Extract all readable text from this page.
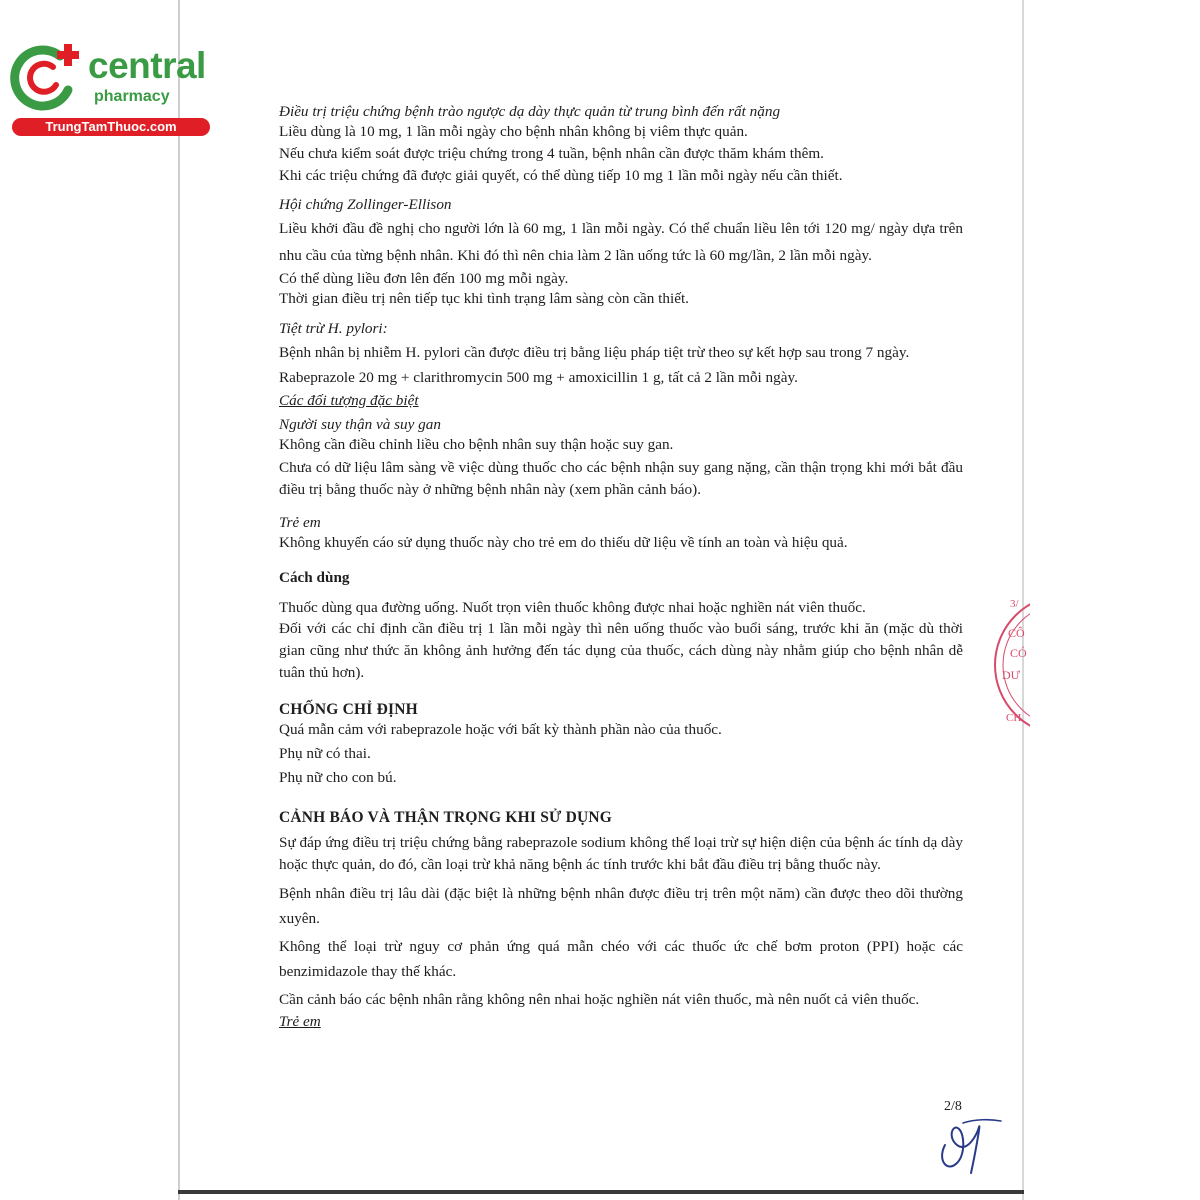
central

pharmacy
TrungTamThuoc.com

Điều trị triệu chứng bệnh trào ngược dạ dày thực quản từ trung bình đến rất nặng

Liều dùng là 10 mg, 1 lần mỗi ngày cho bệnh nhân không bị viêm thực quản.

Nếu chưa kiểm soát được triệu chứng trong 4 tuần, bệnh nhân cần được thăm khám thêm.

Khi các triệu chứng đã được giải quyết, có thể dùng tiếp 10 mg 1 lần mỗi ngày nếu cần thiết.

Hội chứng Zollinger-Ellison

Liều khởi đầu đề nghị cho người lớn là 60 mg, 1 lần mỗi ngày. Có thể chuẩn liều lên tới 120 mg/ ngày dựa trên nhu cầu của từng bệnh nhân. Khi đó thì nên chia làm 2 lần uống tức là 60 mg/lần, 2 lần mỗi ngày.

Có thể dùng liều đơn lên đến 100 mg mỗi ngày.

Thời gian điều trị nên tiếp tục khi tình trạng lâm sàng còn cần thiết.

Tiệt trừ H. pylori:

Bệnh nhân bị nhiễm H. pylori cần được điều trị bằng liệu pháp tiệt trừ theo sự kết hợp sau trong 7 ngày.

Rabeprazole 20 mg + clarithromycin 500 mg + amoxicillin 1 g, tất cả 2 lần mỗi ngày.

Các đối tượng đặc biệt

Người suy thận và suy gan

Không cần điều chỉnh liều cho bệnh nhân suy thận hoặc suy gan.

Chưa có dữ liệu lâm sàng về việc dùng thuốc cho các bệnh nhận suy gang nặng, cần thận trọng khi mới bắt đầu điều trị bằng thuốc này ở những bệnh nhân này (xem phần cảnh báo).

Trẻ em

Không khuyến cáo sử dụng thuốc này cho trẻ em do thiếu dữ liệu về tính an toàn và hiệu quả.

Cách dùng

Thuốc dùng qua đường uống. Nuốt trọn viên thuốc không được nhai hoặc nghiền nát viên thuốc.

Đối với các chỉ định cần điều trị 1 lần mỗi ngày thì nên uống thuốc vào buổi sáng, trước khi ăn (mặc dù thời gian cũng như thức ăn không ảnh hưởng đến tác dụng của thuốc, cách dùng này nhằm giúp cho bệnh nhân dễ tuân thủ hơn).

CHỐNG CHỈ ĐỊNH

Quá mẫn cảm với rabeprazole hoặc với bất kỳ thành phần nào của thuốc.

Phụ nữ có thai.

Phụ nữ cho con bú.

CẢNH BÁO VÀ THẬN TRỌNG KHI SỬ DỤNG

Sự đáp ứng điều trị triệu chứng bằng rabeprazole sodium không thể loại trừ sự hiện diện của bệnh ác tính dạ dày hoặc thực quản, do đó, cần loại trừ khả năng bệnh ác tính trước khi bắt đầu điều trị bằng thuốc này.

Bệnh nhân điều trị lâu dài (đặc biệt là những bệnh nhân được điều trị trên một năm) cần được theo dõi thường xuyên.

Không thể loại trừ nguy cơ phản ứng quá mẫn chéo với các thuốc ức chế bơm proton (PPI) hoặc các benzimidazole thay thế khác.

Cần cảnh báo các bệnh nhân rằng không nên nhai hoặc nghiền nát viên thuốc, mà nên nuốt cả viên thuốc.

Trẻ em

3/
CÔ
CÓ
DƯ
CH
2/8
